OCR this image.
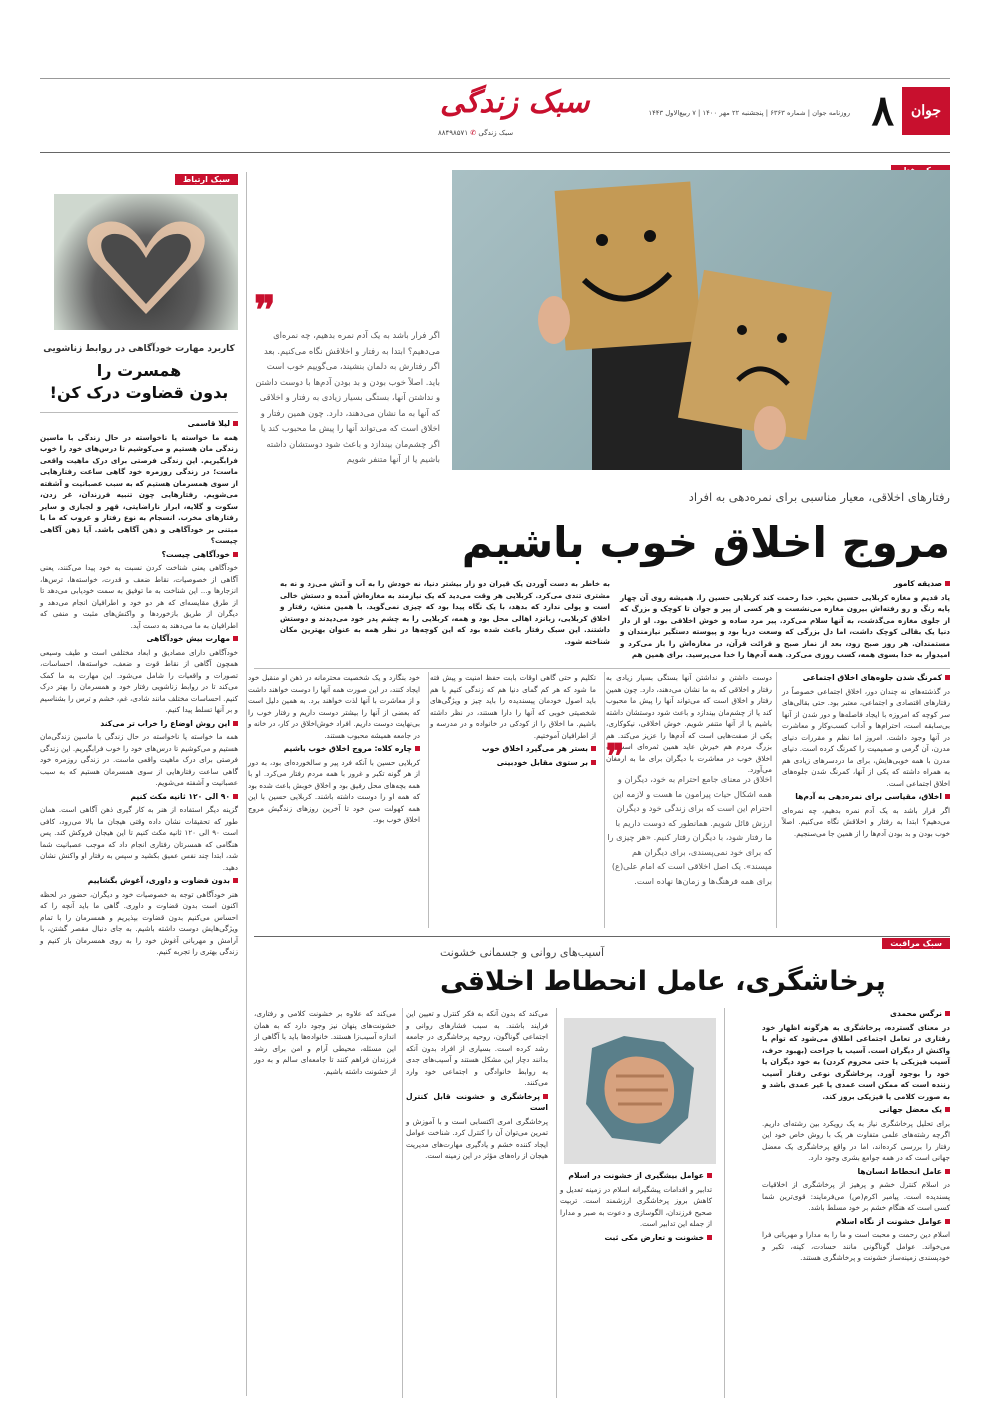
جوان
۸
روزنامه جوان | شماره ۶۳۶۳ | پنجشنبه ۲۲ مهر ۱۴۰۰ | ۷ ربیع‌الاول ۱۴۴۳
سبک زندگی
سبک زندگی ✆ ۸۸۴۹۸۵۷۱
سبک ارتباط
کاربرد مهارت خودآگاهی در روابط زناشویی
همسرت را
بدون قضاوت درک کن!

لیلا قاسمی

همه ما خواسته یا ناخواسته در حال زندگی با ماسین زندگی مان هستیم و می‌کوشیم تا درس‌های خود را خوب فرابگیریم. این زندگی فرصتی برای درک ماهیت واقعی ماست؛ در زندگی روزمره خود گاهی ساعت رفتارهایی از سوی همسرمان هستیم که به سبب عصبانیت و آشفته می‌شویم. رفتارهایی چون تنبیه فرزندان، غر زدن، سکوت و گلایه، ابراز ناراضایتی، قهر و لجبازی و سایر رفتارهای مخرب. انسجام به نوع رفتار و عروب که ما با مبتنی بر خودآگاهی و ذهن آگاهی باشد. آیا ذهن آگاهی چیست؟

خودآگاهی چیست؟

خودآگاهی یعنی شناخت کردن نسبت به خود پیدا می‌کنند، یعنی آگاهی از خصوصیات، نقاط ضعف و قدرت، خواسته‌ها، ترس‌ها، انزجارها و... این شناخت به ما توفیق به سمت خودیابی می‌دهد تا از طرق مقایسه‌ای که هر دو خود و اطرافیان انجام می‌دهد و دیگران از طریق بازخوردها و واکنش‌های مثبت و منفی که اطرافیان به ما می‌دهند به دست آید.

مهارت بیش خودآگاهی

خودآگاهی دارای مصادیق و ابعاد مختلفی است و طیف وسیعی همچون آگاهی از نقاط قوت و ضعف، خواسته‌ها، احساسات، تصورات و واقعیات را شامل می‌شود. این مهارت به ما کمک می‌کند تا در روابط زناشویی رفتار خود و همسرمان را بهتر درک کنیم. احساسات مختلف مانند شادی، غم، خشم و ترس را بشناسیم و بر آنها تسلط پیدا کنیم.

این روش اوضاع را خراب تر می‌کند

همه ما خواسته یا ناخواسته در حال زندگی با ماسین زندگی‌مان هستیم و می‌کوشیم تا درس‌های خود را خوب فرابگیریم. این زندگی فرصتی برای درک ماهیت واقعی ماست. در زندگی روزمره خود گاهی ساعت رفتارهایی از سوی همسرمان هستیم که به سبب عصبانیت و آشفته می‌شویم.

۹۰ الی ۱۲۰ ثانیه مکث کنیم

گزینه دیگر استفاده از هنر به کار گیری ذهن آگاهی است. همان طور که تحقیقات نشان داده وقتی هیجان ما بالا می‌رود، کافی است ۹۰ الی ۱۲۰ ثانیه مکث کنیم تا این هیجان فروکش کند. پس هنگامی که همسرتان رفتاری انجام داد که موجب عصبانیت شما شد، ابتدا چند نفس عمیق بکشید و سپس به رفتار او واکنش نشان دهید.

بدون قضاوت و داوری، آغوش بگشاییم

هنر خودآگاهی توجه به خصوصیات خود و دیگران، حضور در لحظه اکنون است بدون قضاوت و داوری. گاهی ما باید آنچه را که احساس می‌کنیم بدون قضاوت بپذیریم و همسرمان را با تمام ویژگی‌هایش دوست داشته باشیم. به جای دنبال مقصر گشتن، با آرامش و مهربانی آغوش خود را به روی همسرمان باز کنیم و زندگی بهتری را تجربه کنیم.

❞
اگر فرار باشد به یک آدم نمره بدهیم، چه نمره‌ای می‌دهیم؟ ابتدا به رفتار و اخلاقش نگاه می‌کنیم. بعد اگر رفتارش به دلمان بنشیند، می‌گوییم خوب است باید. اصلاً خوب بودن و بد بودن آدم‌ها با دوست داشتن و نداشتن آنها، بستگی بسیار زیادی به رفتار و اخلاقی که آنها به ما نشان می‌دهند، دارد. چون همین رفتار و اخلاق است که می‌تواند آنها را پیش ما محبوب کند یا اگر چشم‌مان بیندازد و باعث شود دوستشان داشته باشیم یا از آنها متنفر شویم
رفتارهای اخلاقی، معیار مناسبی برای نمره‌دهی به افراد
مروج اخلاق خوب باشیم

صدیقه کامور

یاد قدیم و مغازه کربلایی حسین بخیر. خدا رحمت کند کربلایی حسین را. همیشه روی آن چهار پایه رنگ و رو رفته‌اش بیرون مغازه می‌نشست و هر کسی از پیر و جوان تا کوچک و بزرگ که از جلوی مغازه می‌گذشت، به آنها سلام می‌کرد. پیر مرد ساده و خوش اخلاقی بود. او از دار دنیا یک بقالی کوچک داشت، اما دل بزرگی که وسعت دریا بود و پیوسته دستگیر نیازمندان و مستمندان. هر روز صبح زود، بعد از نماز صبح و قرائت قرآن، در مغازه‌اش را باز می‌کرد و امیدوار به خدا بسوی همه، کسب روزی می‌کرد. همه آدم‌ها را خدا می‌پرسید. برای همین هم

به خاطر به دست آوردن یک قیران دو زار بیشتر دنیا، نه خودش را به آب و آتش می‌زد و نه به مشتری تندی می‌کرد. کربلایی هر وقت می‌دید که یک نیازمند به مغازه‌اش آمده و دستش خالی است و پولی ندارد که بدهد، با یک نگاه پیدا بود که چیزی نمی‌گوید. با همین منش، رفتار و اخلاق کربلایی، زبانزد اهالی محل بود و همه، کربلایی را به چشم پدر خود می‌دیدند و دوستش داشتند. این سبک رفتار باعث شده بود که این کوچه‌ها در نظر همه به عنوان بهترین مکان شناخته شود.

کمرنگ شدن جلوه‌های اخلاق اجتماعی

در گذشته‌های نه چندان دور، اخلاق اجتماعی خصوصاً در رفتارهای اقتصادی و اجتماعی، معتبر بود. حتی بقالی‌های سر کوچه که امروزه با ایجاد فاصله‌ها و دور شدن از آنها بی‌سابقه است، احترام‌ها و آداب کسب‌وکار و معاشرت در آنها وجود داشت. امروز اما نظم و مقررات دنیای مدرن، آن گرمی و صمیمیت را کمرنگ کرده است. دنیای مدرن با همه خوبی‌هایش، برای ما دردسرهای زیادی هم به همراه داشته که یکی از آنها، کمرنگ شدن جلوه‌های اخلاق اجتماعی است.

اخلاق، مقیاسی برای نمره‌دهی به آدم‌ها

اگر قرار باشد به یک آدم نمره بدهیم، چه نمره‌ای می‌دهیم؟ ابتدا به رفتار و اخلاقش نگاه می‌کنیم. اصلاً خوب بودن و بد بودن آدم‌ها را از همین جا می‌سنجیم.

دوست داشتن و نداشتن آنها بستگی بسیار زیادی به رفتار و اخلاقی که به ما نشان می‌دهند، دارد. چون همین رفتار و اخلاق است که می‌تواند آنها را پیش ما محبوب کند یا از چشم‌مان بیندازد و باعث شود دوستشان داشته باشیم یا از آنها متنفر شویم. خوش اخلاقی، نیکوکاری، یکی از صفت‌هایی است که آدم‌ها را عزیز می‌کند. هم بزرگ مردم هم خیرش عاید همین ثمره‌ای است که اخلاق خوب در معاشرت با دیگران برای ما به ارمغان می‌آورد.

❞
اخلاق در معنای جامع احترام به خود، دیگران و همه اشکال حیات پیرامون ما هست و لازمه این احترام این است که برای زندگی خود و دیگران ارزش قائل شویم. همانطور که دوست داریم با ما رفتار شود، با دیگران رفتار کنیم. «هر چیزی را که برای خود نمی‌پسندی، برای دیگران هم مپسند». یک اصل اخلاقی است که امام علی(ع) برای همه فرهنگ‌ها و زمان‌ها نهاده است.

تکلیم و حتی گاهی اوقات بابت حفظ امنیت و پیش فته ما شود که هر کم گمای دنیا هم که زندگی کنیم با هم باید اصول خودمان پیسندیده را باید چیز و ویژگی‌های شخصیتی خوبی که آنها را دارا هستند، در نظر داشته باشیم. ما اخلاق را از کودکی در خانواده و در مدرسه و از اطرافیان آموختیم.

بستر هر می‌گیرد اخلاق خوب

بر ستوی مقابل خودبینی

خود بنگارد و یک شخصیت محترمانه در ذهن او منقبل خود ایجاد کنند، در این صورت همه آنها را دوست خواهند داشت و از معاشرت با آنها لذت خواهند برد. به همین دلیل است که بعضی از آنها را بیشتر دوست داریم و رفتار خوب را بی‌نهایت دوست داریم. افراد خوش‌اخلاق در کار، در خانه و در جامعه همیشه محبوب هستند.

چاره کلاه: مروج اخلاق خوب باشیم

کربلایی حسین با آنکه فرد پیر و سالخورده‌ای بود، به دور از هر گونه تکبر و غرور با همه مردم رفتار می‌کرد. او با همه بچه‌های محل رفیق بود و اخلاق خوبش باعث شده بود که همه او را دوست داشته باشند. کربلایی حسین با این همه کهولت سن خود تا آخرین روزهای زندگیش مروج اخلاق خوب بود.

سبک مراقبت
آسیب‌های روانی و جسمانی خشونت
پرخاشگری، عامل انحطاط اخلاقی

نرگس محمدی

در معنای گسترده، پرخاشگری به هرگونه اظهار خود رفتاری در تعامل اجتماعی اطلاق می‌شود که توأم با واکنش از دیگران است. آسیب یا جراحت (بهبود حرف، آسیب فیزیکی یا حتی محروم کردن) به خود دیگران یا خود را بوجود آورد. پرخاشگری نوعی رفتار آسیب زننده است که ممکن است عمدی یا غیر عمدی باشد و به صورت کلامی یا فیزیکی بروز کند.

یک معضل جهانی

برای تحلیل پرخاشگری نیاز به یک رویکرد بین رشته‌ای داریم. اگرچه رشته‌های علمی متفاوت هر یک با روش خاص خود این رفتار را بررسی کرده‌اند، اما در واقع پرخاشگری یک معضل جهانی است که در همه جوامع بشری وجود دارد.

عامل انحطاط انسان‌ها

در اسلام کنترل خشم و پرهیز از پرخاشگری از اخلاقیات پسندیده است. پیامبر اکرم(ص) می‌فرمایند: قوی‌ترین شما کسی است که هنگام خشم بر خود مسلط باشد.

عوامل خشونت از نگاه اسلام

اسلام دین رحمت و محبت است و ما را به مدارا و مهربانی فرا می‌خواند. عوامل گوناگونی مانند حسادت، کینه، تکبر و خودپسندی زمینه‌ساز خشونت و پرخاشگری هستند.

عوامل بیشگیری از خشونت در اسلام

تدابیر و اقدامات پیشگیرانه اسلام در زمینه تعدیل و کاهش بروز پرخاشگری ارزشمند است. تربیت صحیح فرزندان، الگوسازی و دعوت به صبر و مدارا از جمله این تدابیر است.

خشونت و تعارض مکی ثبت

می‌کند که بدون آنکه به فکر کنترل و تعیین این فرایند باشند. به سبب فشارهای روانی و اجتماعی گوناگون، روحیه پرخاشگری در جامعه رشد کرده است. بسیاری از افراد بدون آنکه بدانند دچار این مشکل هستند و آسیب‌های جدی به روابط خانوادگی و اجتماعی خود وارد می‌کنند.

پرخاشگری و خشونت قابل کنترل است

پرخاشگری امری اکتسابی است و با آموزش و تمرین می‌توان آن را کنترل کرد. شناخت عوامل ایجاد کننده خشم و یادگیری مهارت‌های مدیریت هیجان از راه‌های مؤثر در این زمینه است.

می‌کند که علاوه بر خشونت کلامی و رفتاری، خشونت‌های پنهان نیز وجود دارد که به همان اندازه آسیب‌زا هستند. خانواده‌ها باید با آگاهی از این مسئله، محیطی آرام و امن برای رشد فرزندان فراهم کنند تا جامعه‌ای سالم و به دور از خشونت داشته باشیم.
